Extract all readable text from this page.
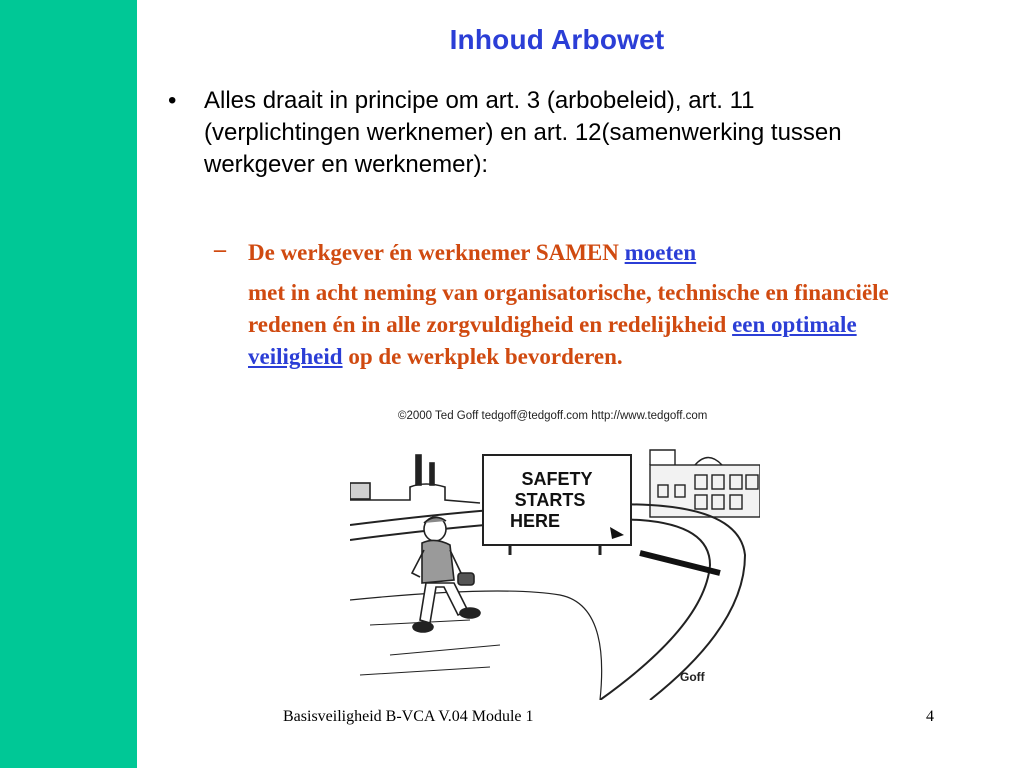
Inhoud Arbowet
• Alles draait in principe om art. 3 (arbobeleid), art. 11 (verplichtingen werknemer) en art. 12(samenwerking tussen werkgever en werknemer):
– De werkgever én werknemer SAMEN moeten
met in acht neming van organisatorische, technische en financiële redenen én in alle zorgvuldigheid en redelijkheid een optimale veiligheid op de werkplek bevorderen.
©2000 Ted Goff tedgoff@tedgoff.com http://www.tedgoff.com
SAFETY
STARTS
HERE
Goff
Basisveiligheid B-VCA V.04 Module 1	4
